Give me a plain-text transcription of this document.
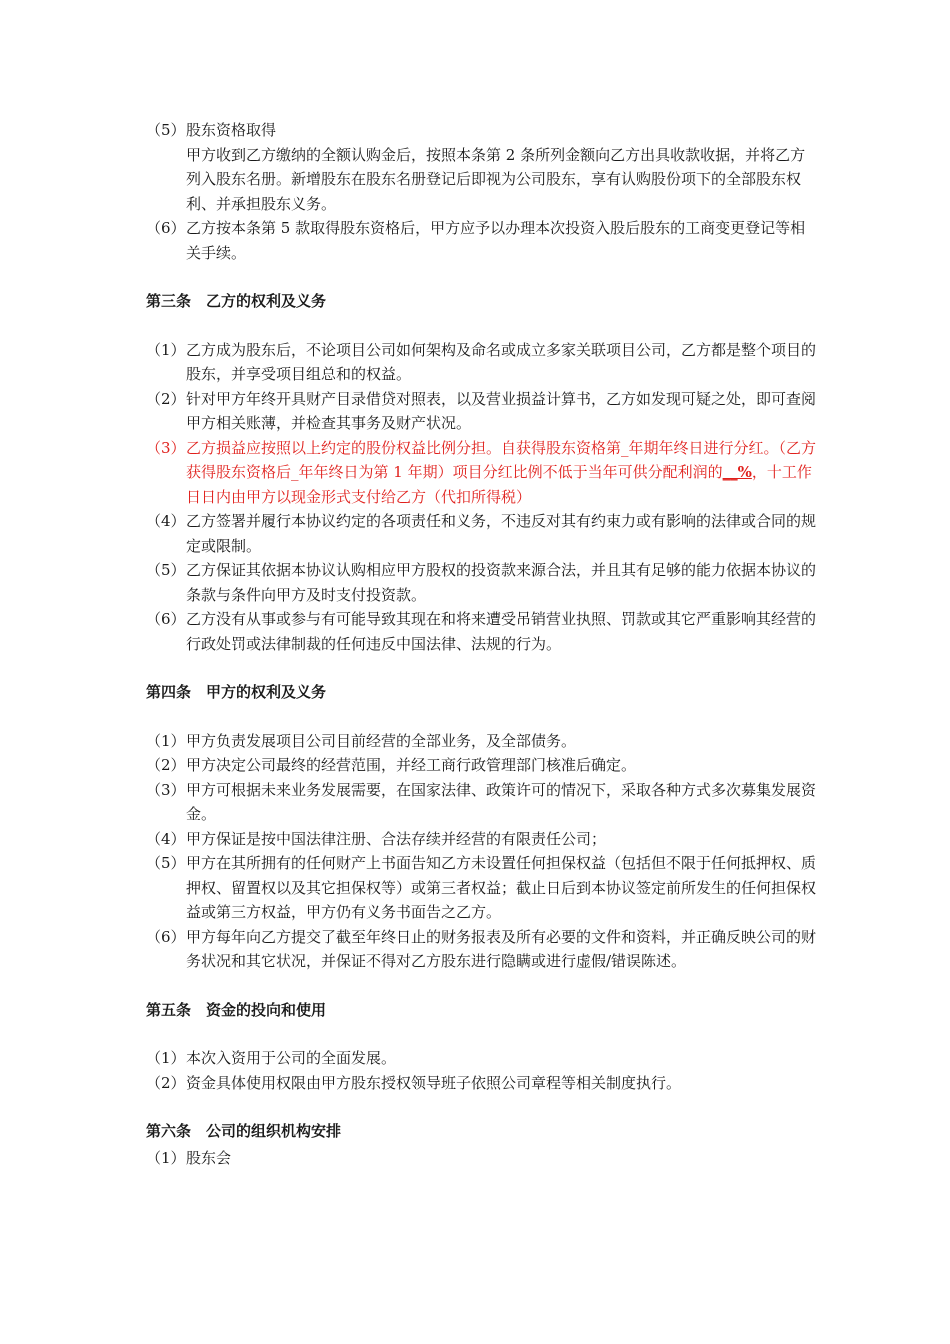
（5） 股东资格取得
甲方收到乙方缴纳的全额认购金后，按照本条第 2 条所列金额向乙方出具收款收据，并将乙方列入股东名册。新增股东在股东名册登记后即视为公司股东，享有认购股份项下的全部股东权利、并承担股东义务。
（6） 乙方按本条第 5 款取得股东资格后，甲方应予以办理本次投资入股后股东的工商变更登记等相关手续。
第三条　乙方的权利及义务
（1） 乙方成为股东后，不论项目公司如何架构及命名或成立多家关联项目公司，乙方都是整个项目的股东，并享受项目组总和的权益。
（2） 针对甲方年终开具财产目录借贷对照表，以及营业损益计算书，乙方如发现可疑之处，即可查阅甲方相关账薄，并检查其事务及财产状况。
（3） 乙方损益应按照以上约定的股份权益比例分担。自获得股东资格第_年期年终日进行分红。（乙方获得股东资格后_年年终日为第 1 年期）项目分红比例不低于当年可供分配利润的__%，十工作日日内由甲方以现金形式支付给乙方（代扣所得税）
（4） 乙方签署并履行本协议约定的各项责任和义务，不违反对其有约束力或有影响的法律或合同的规定或限制。
（5） 乙方保证其依据本协议认购相应甲方股权的投资款来源合法，并且其有足够的能力依据本协议的条款与条件向甲方及时支付投资款。
（6） 乙方没有从事或参与有可能导致其现在和将来遭受吊销营业执照、罚款或其它严重影响其经营的行政处罚或法律制裁的任何违反中国法律、法规的行为。
第四条　甲方的权利及义务
（1） 甲方负责发展项目公司目前经营的全部业务，及全部债务。
（2） 甲方决定公司最终的经营范围，并经工商行政管理部门核准后确定。
（3） 甲方可根据未来业务发展需要，在国家法律、政策许可的情况下，采取各种方式多次募集发展资金。
（4） 甲方保证是按中国法律注册、合法存续并经营的有限责任公司；
（5） 甲方在其所拥有的任何财产上书面告知乙方未设置任何担保权益（包括但不限于任何抵押权、质押权、留置权以及其它担保权等）或第三者权益；截止日后到本协议签定前所发生的任何担保权益或第三方权益，甲方仍有义务书面告之乙方。
（6） 甲方每年向乙方提交了截至年终日止的财务报表及所有必要的文件和资料，并正确反映公司的财务状况和其它状况，并保证不得对乙方股东进行隐瞒或进行虚假/错误陈述。
第五条　资金的投向和使用
（1） 本次入资用于公司的全面发展。
（2） 资金具体使用权限由甲方股东授权领导班子依照公司章程等相关制度执行。
第六条　公司的组织机构安排
（1） 股东会
